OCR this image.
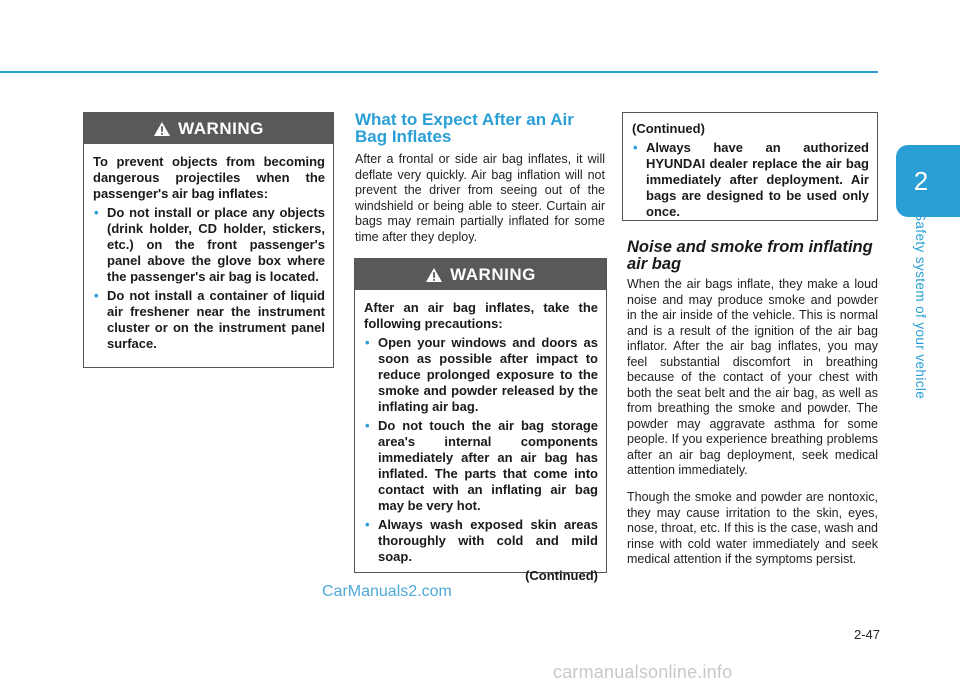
2
Safety system of your vehicle
WARNING

To prevent objects from becoming dangerous projectiles when the passenger's air bag inflates:

• Do not install or place any objects (drink holder, CD holder, stickers, etc.) on the front passenger's panel above the glove box where the passenger's air bag is located.
• Do not install a container of liquid air freshener near the instrument cluster or on the instrument panel surface.
What to Expect After an Air Bag Inflates

After a frontal or side air bag inflates, it will deflate very quickly. Air bag inflation will not prevent the driver from seeing out of the windshield or being able to steer. Curtain air bags may remain partially inflated for some time after they deploy.

WARNING

After an air bag inflates, take the following precautions:

• Open your windows and doors as soon as possible after impact to reduce prolonged exposure to the smoke and powder released by the inflating air bag.
• Do not touch the air bag storage area's internal components immediately after an air bag has inflated. The parts that come into contact with an inflating air bag may be very hot.
• Always wash exposed skin areas thoroughly with cold and mild soap.
(Continued)

(Continued)

• Always have an authorized HYUNDAI dealer replace the air bag immediately after deployment. Air bags are designed to be used only once.
Noise and smoke from inflating air bag

When the air bags inflate, they make a loud noise and may produce smoke and powder in the air inside of the vehicle. This is normal and is a result of the ignition of the air bag inflator. After the air bag inflates, you may feel substantial discomfort in breathing because of the contact of your chest with both the seat belt and the air bag, as well as from breathing the smoke and powder. The powder may aggravate asthma for some people. If you experience breathing problems after an air bag deployment, seek medical attention immediately.

Though the smoke and powder are nontoxic, they may cause irritation to the skin, eyes, nose, throat, etc. If this is the case, wash and rinse with cold water immediately and seek medical attention if the symptoms persist.

2-47
CarManuals2.com
carmanualsonline.info
